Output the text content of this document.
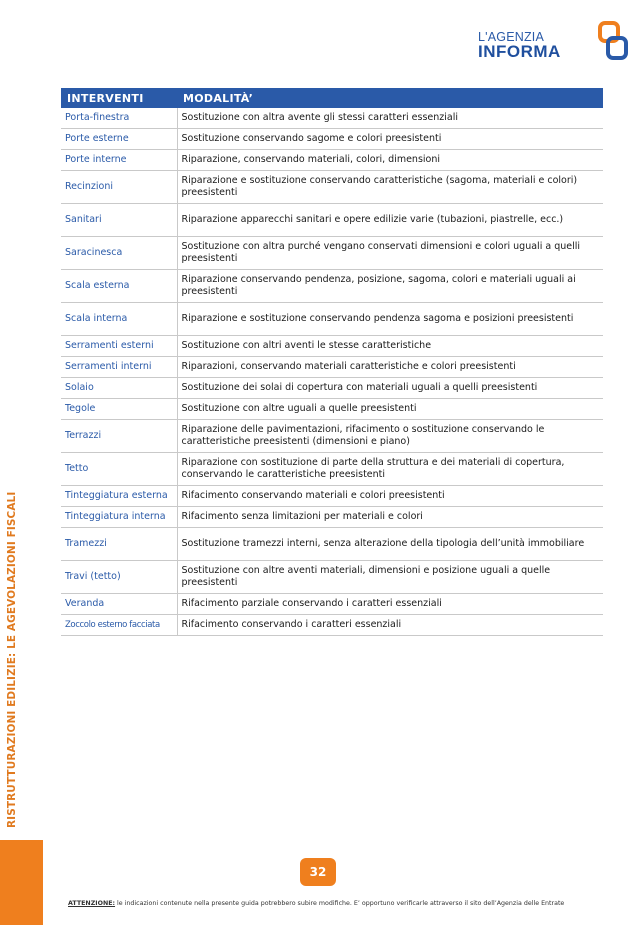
L'AGENZIA
INFORMA
RISTRUTTURAZIONI EDILIZIE: LE AGEVOLAZIONI FISCALI
INTERVENTI	MODALITÀ’
Porta-finestra	Sostituzione con altra avente gli stessi caratteri essenziali
Porte esterne	Sostituzione conservando sagome e colori preesistenti
Porte interne	Riparazione, conservando materiali, colori, dimensioni
Recinzioni	Riparazione e sostituzione conservando caratteristiche (sagoma, materiali e colori) preesistenti
Sanitari	Riparazione apparecchi sanitari e opere edilizie varie (tubazioni, piastrelle, ecc.)
Saracinesca	Sostituzione con altra purché vengano conservati dimensioni e colori uguali a quelli preesistenti
Scala esterna	Riparazione conservando pendenza, posizione, sagoma, colori e materiali uguali ai preesistenti
Scala interna	Riparazione e sostituzione conservando pendenza sagoma e posizioni preesistenti
Serramenti esterni	Sostituzione con altri aventi le stesse caratteristiche
Serramenti interni	Riparazioni, conservando materiali caratteristiche e colori preesistenti
Solaio	Sostituzione dei solai di copertura con materiali uguali a quelli preesistenti
Tegole	Sostituzione con altre uguali a quelle preesistenti
Terrazzi	Riparazione delle pavimentazioni, rifacimento o sostituzione conservando le caratteristiche preesistenti (dimensioni e piano)
Tetto	Riparazione con sostituzione di parte della struttura e dei materiali di copertura, conservando le caratteristiche preesistenti
Tinteggiatura esterna	Rifacimento conservando materiali e colori preesistenti
Tinteggiatura interna	Rifacimento senza limitazioni per materiali e colori
Tramezzi	Sostituzione tramezzi interni, senza alterazione della tipologia dell’unità immobiliare
Travi (tetto)	Sostituzione con altre aventi materiali, dimensioni e posizione uguali a quelle preesistenti
Veranda	Rifacimento parziale conservando i caratteri essenziali
Zoccolo esterno facciata	Rifacimento conservando i caratteri essenziali
32
ATTENZIONE: le indicazioni contenute nella presente guida potrebbero subire modifiche. E’ opportuno verificarle attraverso il sito dell’Agenzia delle Entrate
